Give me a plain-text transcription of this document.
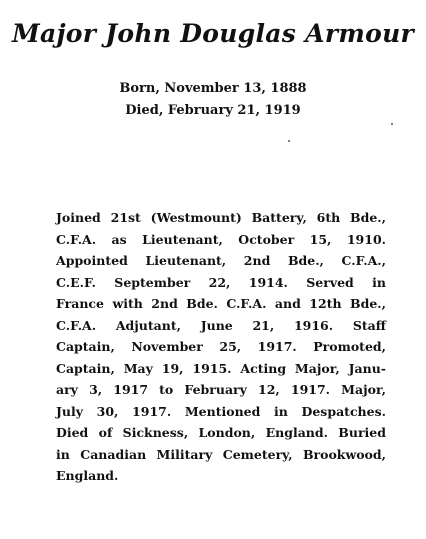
Major John Douglas Armour
Born, November 13, 1888
Died, February 21, 1919
Joined 21st (Westmount) Battery, 6th Bde.,
C.F.A. as Lieutenant, October 15, 1910.
Appointed Lieutenant, 2nd Bde., C.F.A.,
C.E.F. September 22, 1914. Served in
France with 2nd Bde. C.F.A. and 12th Bde.,
C.F.A. Adjutant, June 21, 1916. Staff
Captain, November 25, 1917. Promoted,
Captain, May 19, 1915. Acting Major, Janu-
ary 3, 1917 to February 12, 1917. Major,
July 30, 1917. Mentioned in Despatches.
Died of Sickness, London, England. Buried
in Canadian Military Cemetery, Brookwood,
England.
